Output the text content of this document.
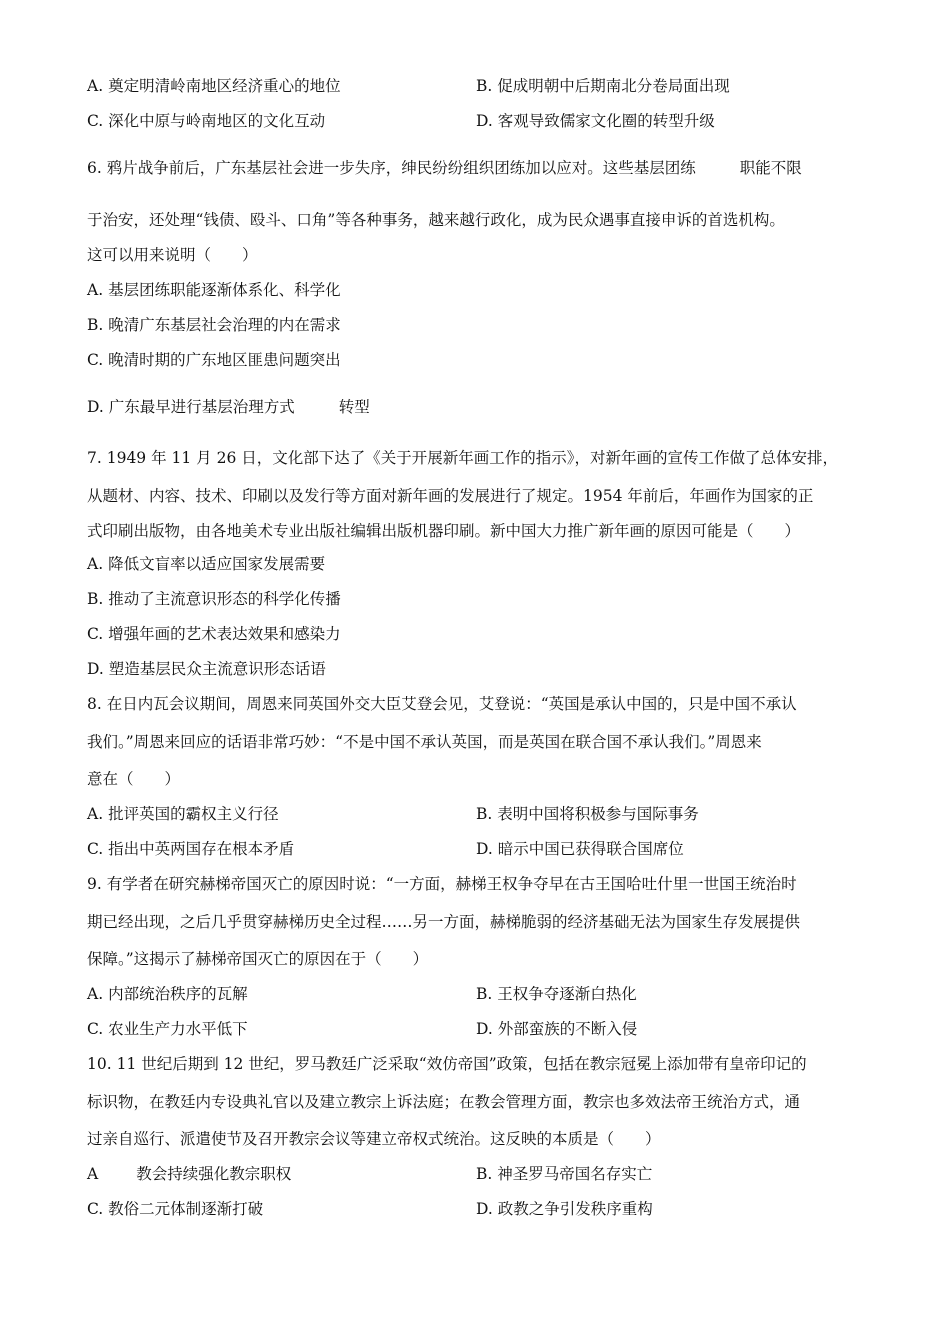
A. 奠定明清岭南地区经济重心的地位	B. 促成明朝中后期南北分卷局面出现
C. 深化中原与岭南地区的文化互动	D. 客观导致儒家文化圈的转型升级
6. 鸦片战争前后，广东基层社会进一步失序，绅民纷纷组织团练加以应对。这些基层团练	职能不限
于治安，还处理“钱债、殴斗、口角”等各种事务，越来越行政化，成为民众遇事直接申诉的首选机构。
这可以用来说明（　　）
A. 基层团练职能逐渐体系化、科学化
B. 晚清广东基层社会治理的内在需求
C. 晚清时期的广东地区匪患问题突出
D. 广东最早进行基层治理方式	转型
7. 1949 年 11 月 26 日，文化部下达了《关于开展新年画工作的指示》，对新年画的宣传工作做了总体安排，
从题材、内容、技术、印刷以及发行等方面对新年画的发展进行了规定。1954 年前后，年画作为国家的正
式印刷出版物，由各地美术专业出版社编辑出版机器印刷。新中国大力推广新年画的原因可能是（　　）
A. 降低文盲率以适应国家发展需要
B. 推动了主流意识形态的科学化传播
C. 增强年画的艺术表达效果和感染力
D. 塑造基层民众主流意识形态话语
8. 在日内瓦会议期间，周恩来同英国外交大臣艾登会见，艾登说：“英国是承认中国的，只是中国不承认
我们。”周恩来回应的话语非常巧妙：“不是中国不承认英国，而是英国在联合国不承认我们。”周恩来
意在（　　）
A. 批评英国的霸权主义行径	B. 表明中国将积极参与国际事务
C. 指出中英两国存在根本矛盾	D. 暗示中国已获得联合国席位
9. 有学者在研究赫梯帝国灭亡的原因时说：“一方面，赫梯王权争夺早在古王国哈吐什里一世国王统治时
期已经出现，之后几乎贯穿赫梯历史全过程……另一方面，赫梯脆弱的经济基础无法为国家生存发展提供
保障。”这揭示了赫梯帝国灭亡的原因在于（　　）
A. 内部统治秩序的瓦解	B. 王权争夺逐渐白热化
C. 农业生产力水平低下	D. 外部蛮族的不断入侵
10. 11 世纪后期到 12 世纪，罗马教廷广泛采取“效仿帝国”政策，包括在教宗冠冕上添加带有皇帝印记的
标识物，在教廷内专设典礼官以及建立教宗上诉法庭；在教会管理方面，教宗也多效法帝王统治方式，通
过亲自巡行、派遣使节及召开教宗会议等建立帝权式统治。这反映的本质是（　　）
A 教会持续强化教宗职权	B. 神圣罗马帝国名存实亡
C. 教俗二元体制逐渐打破	D. 政教之争引发秩序重构
